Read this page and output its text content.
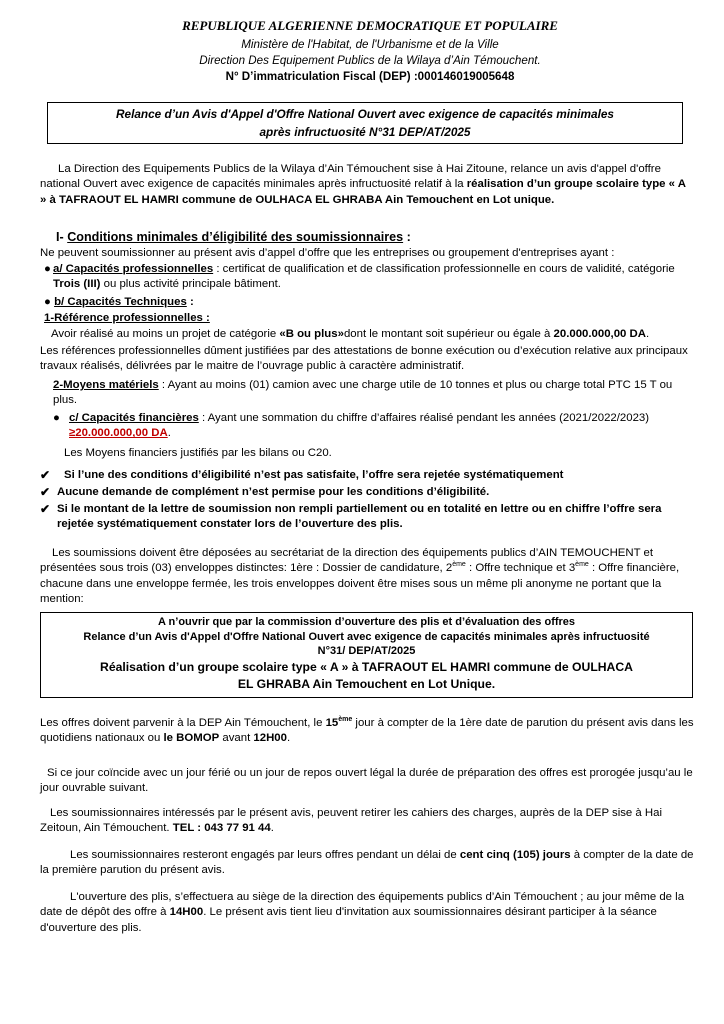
REPUBLIQUE ALGERIENNE DEMOCRATIQUE ET POPULAIRE
Ministère de l'Habitat, de l'Urbanisme et de la Ville
Direction Des Equipement Publics de la Wilaya d’Ain Témouchent.
N° D’immatriculation Fiscal (DEP) :000146019005648

Relance d’un Avis d'Appel d'Offre National Ouvert avec exigence de capacités minimales

après infructuosité N°31 DEP/AT/2025

La Direction des Equipements Publics de la Wilaya d’Ain Témouchent sise à Hai Zitoune, relance un avis d'appel d'offre national Ouvert avec exigence de capacités minimales après infructuosité relatif à la réalisation d’un groupe scolaire type « A » à TAFRAOUT EL HAMRI commune de OULHACA EL GHRABA Ain Temouchent en Lot unique.
I- Conditions minimales d’éligibilité des soumissionnaires :
Ne peuvent soumissionner au présent avis d’appel d’offre que les entreprises ou groupement d'entreprises ayant :
● a/ Capacités professionnelles : certificat de qualification et de classification professionnelle en cours de validité, catégorie Trois (III) ou plus activité principale bâtiment.
● b/ Capacités Techniques :
1-Référence professionnelles :
Avoir réalisé au moins un projet de catégorie «B ou plus»dont le montant soit supérieur ou égale à 20.000.000,00 DA.
Les références professionnelles dûment justifiées par des attestations de bonne exécution ou d’exécution relative aux principaux travaux réalisés, délivrées par le maitre de l’ouvrage public à caractère administratif.
2-Moyens matériels : Ayant au moins (01) camion avec une charge utile de 10 tonnes et plus ou charge total PTC 15 T ou plus.
● c/ Capacités financières : Ayant une sommation du chiffre d’affaires réalisé pendant les années (2021/2022/2023)
≥20.000.000,00 DA.
Les Moyens financiers justifiés par les bilans ou C20.
✔ Si l’une des conditions d’éligibilité n’est pas satisfaite, l’offre sera rejetée systématiquement
✔ Aucune demande de complément n’est permise pour les conditions d’éligibilité.
✔ Si le montant de la lettre de soumission non rempli partiellement ou en totalité en lettre ou en chiffre l’offre sera rejetée systématiquement constater lors de l’ouverture des plis.
Les soumissions doivent être déposées au secrétariat de la direction des équipements publics d’AIN TEMOUCHENT et présentées sous trois (03) enveloppes distinctes: 1ère : Dossier de candidature, 2ème : Offre technique et 3ème : Offre financière, chacune dans une enveloppe fermée, les trois enveloppes doivent être mises sous un même pli anonyme ne portant que la mention:

A n’ouvrir que par la commission d’ouverture des plis et d’évaluation des offres

Relance d’un Avis d'Appel d'Offre National Ouvert avec exigence de capacités minimales après infructuosité

N°31/ DEP/AT/2025

Réalisation d’un groupe scolaire type « A » à TAFRAOUT EL HAMRI commune de OULHACA

EL GHRABA Ain Temouchent en Lot Unique.

Les offres doivent parvenir à la DEP Ain Témouchent, le 15ème jour à compter de la 1ère date de parution du présent avis dans les quotidiens nationaux ou le BOMOP avant 12H00.
Si ce jour coïncide avec un jour férié ou un jour de repos ouvert légal la durée de préparation des offres est prorogée jusqu’au le jour ouvrable suivant.
Les soumissionnaires intéressés par le présent avis, peuvent retirer les cahiers des charges, auprès de la DEP sise à Hai Zeitoun, Ain Témouchent. TEL : 043 77 91 44.
Les soumissionnaires resteront engagés par leurs offres pendant un délai de cent cinq (105) jours à compter de la date de la première parution du présent avis.
L'ouverture des plis, s’effectuera au siège de la direction des équipements publics d’Ain Témouchent ; au jour même de la date de dépôt des offre à 14H00. Le présent avis tient lieu d'invitation aux soumissionnaires désirant participer à la séance d'ouverture des plis.
